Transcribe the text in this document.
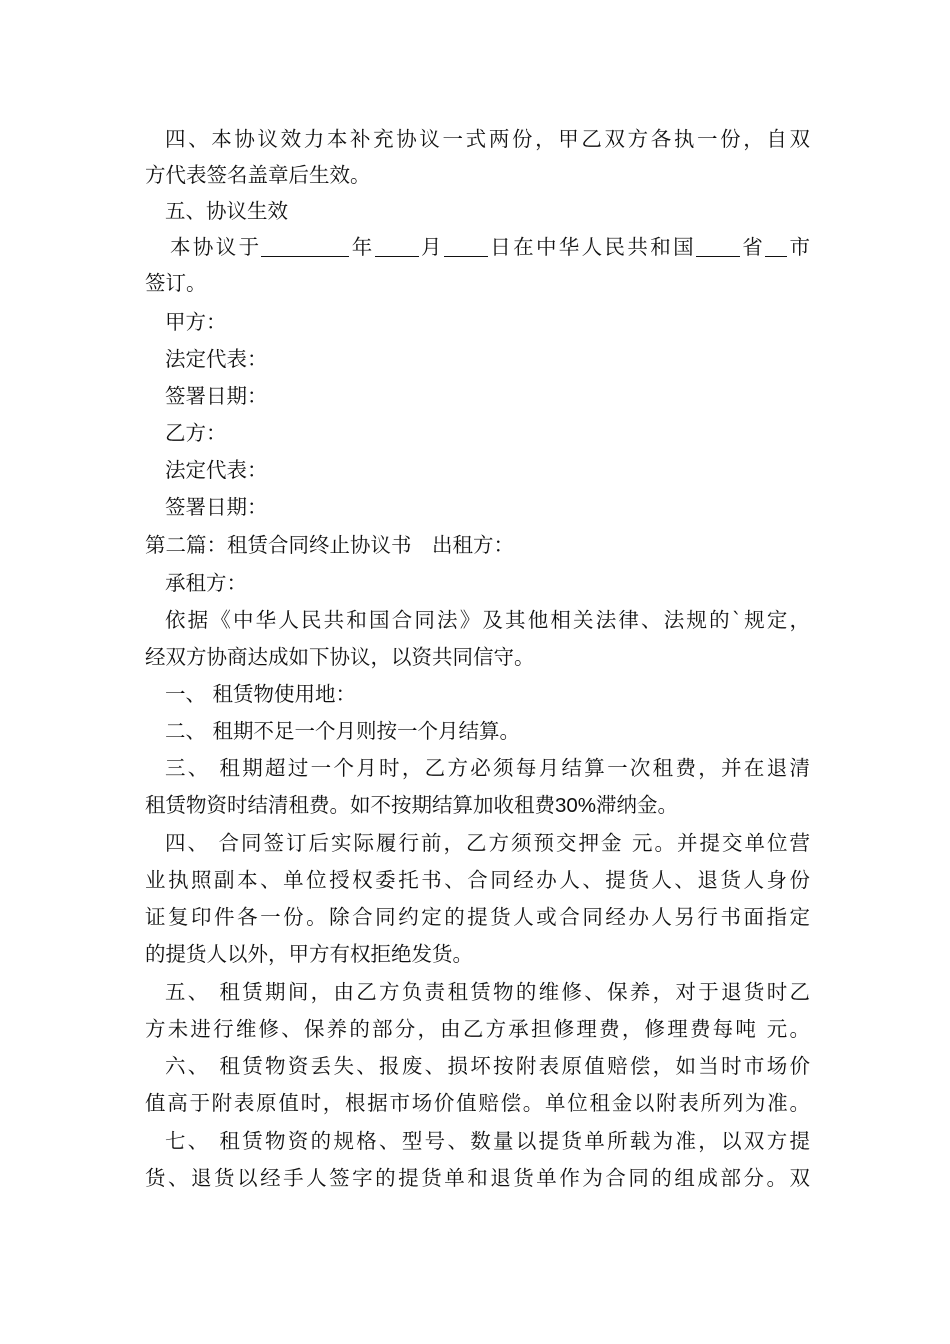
四、本协议效力本补充协议一式两份，甲乙双方各执一份，自双
方代表签名盖章后生效。
五、协议生效
本协议于	年 月 日在中华人民共和国 省 市
签订。
甲方：
法定代表：
签署日期：
乙方：
法定代表：
签署日期：
第二篇：租赁合同终止协议书　出租方：
承租方：
依据《中华人民共和国合同法》及其他相关法律、法规的`规定，
经双方协商达成如下协议，以资共同信守。
一、 租赁物使用地：
二、 租期不足一个月则按一个月结算。
三、 租期超过一个月时，乙方必须每月结算一次租费，并在退清
租赁物资时结清租费。如不按期结算加收租费30%滞纳金。
四、 合同签订后实际履行前，乙方须预交押金 元。并提交单位营
业执照副本、单位授权委托书、合同经办人、提货人、退货人身份
证复印件各一份。除合同约定的提货人或合同经办人另行书面指定
的提货人以外，甲方有权拒绝发货。
五、 租赁期间，由乙方负责租赁物的维修、保养，对于退货时乙
方未进行维修、保养的部分，由乙方承担修理费，修理费每吨 元。
六、 租赁物资丢失、报废、损坏按附表原值赔偿，如当时市场价
值高于附表原值时，根据市场价值赔偿。单位租金以附表所列为准。
七、 租赁物资的规格、型号、数量以提货单所载为准，以双方提
货、退货以经手人签字的提货单和退货单作为合同的组成部分。双
